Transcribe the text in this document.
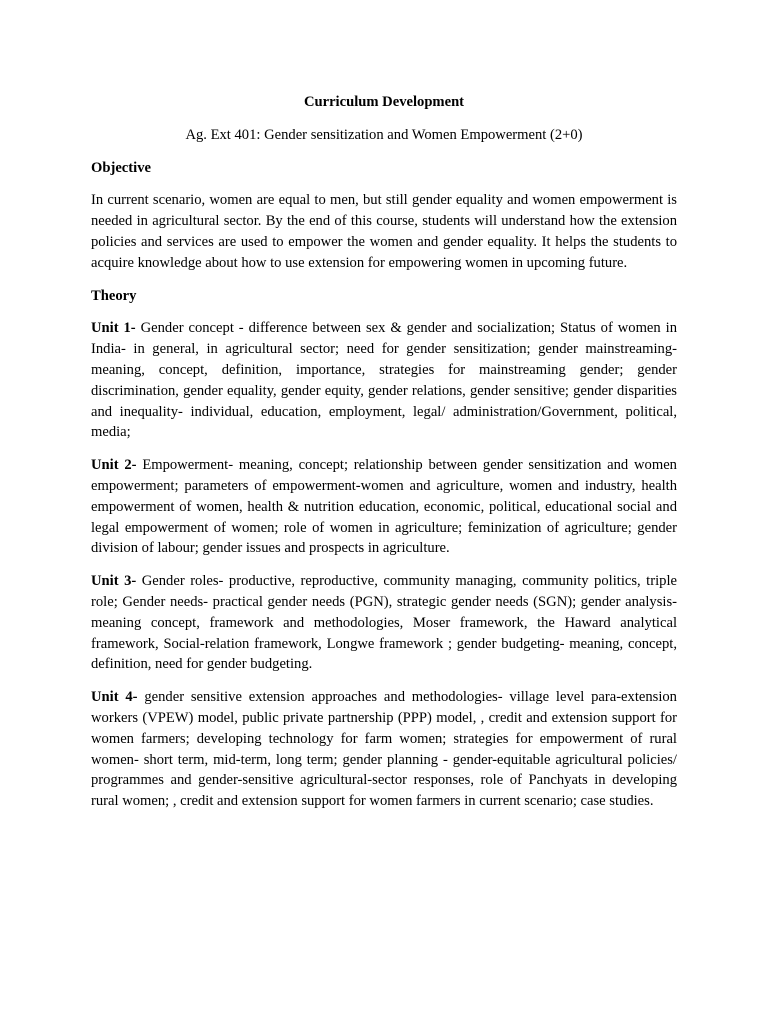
Curriculum Development

Ag. Ext 401: Gender sensitization and Women Empowerment (2+0)

Objective

In current scenario, women are equal to men, but still gender equality and women empowerment is needed in agricultural sector. By the end of this course, students will understand how the extension policies and services are used to empower the women and gender equality. It helps the students to acquire knowledge about how to use extension for empowering women in upcoming future.

Theory

Unit 1- Gender concept - difference between sex & gender and socialization; Status of women in India- in general, in agricultural sector; need for gender sensitization; gender mainstreaming- meaning, concept, definition, importance, strategies for mainstreaming gender; gender discrimination, gender equality, gender equity, gender relations, gender sensitive; gender disparities and inequality- individual, education, employment, legal/ administration/Government, political, media;

Unit 2- Empowerment- meaning, concept; relationship between gender sensitization and women empowerment; parameters of empowerment-women and agriculture, women and industry, health empowerment of women, health & nutrition education, economic, political, educational social and legal empowerment of women; role of women in agriculture; feminization of agriculture; gender division of labour; gender issues and prospects in agriculture.

Unit 3- Gender roles- productive, reproductive, community managing, community politics, triple role; Gender needs- practical gender needs (PGN), strategic gender needs (SGN); gender analysis- meaning concept, framework and methodologies, Moser framework, the Haward analytical framework, Social-relation framework, Longwe framework ; gender budgeting- meaning, concept, definition, need for gender budgeting.

Unit 4- gender sensitive extension approaches and methodologies- village level para-extension workers (VPEW) model, public private partnership (PPP) model, , credit and extension support for women farmers; developing technology for farm women; strategies for empowerment of rural women- short term, mid-term, long term; gender planning - gender-equitable agricultural policies/ programmes and gender-sensitive agricultural-sector responses, role of Panchyats in developing rural women; , credit and extension support for women farmers in current scenario; case studies.
